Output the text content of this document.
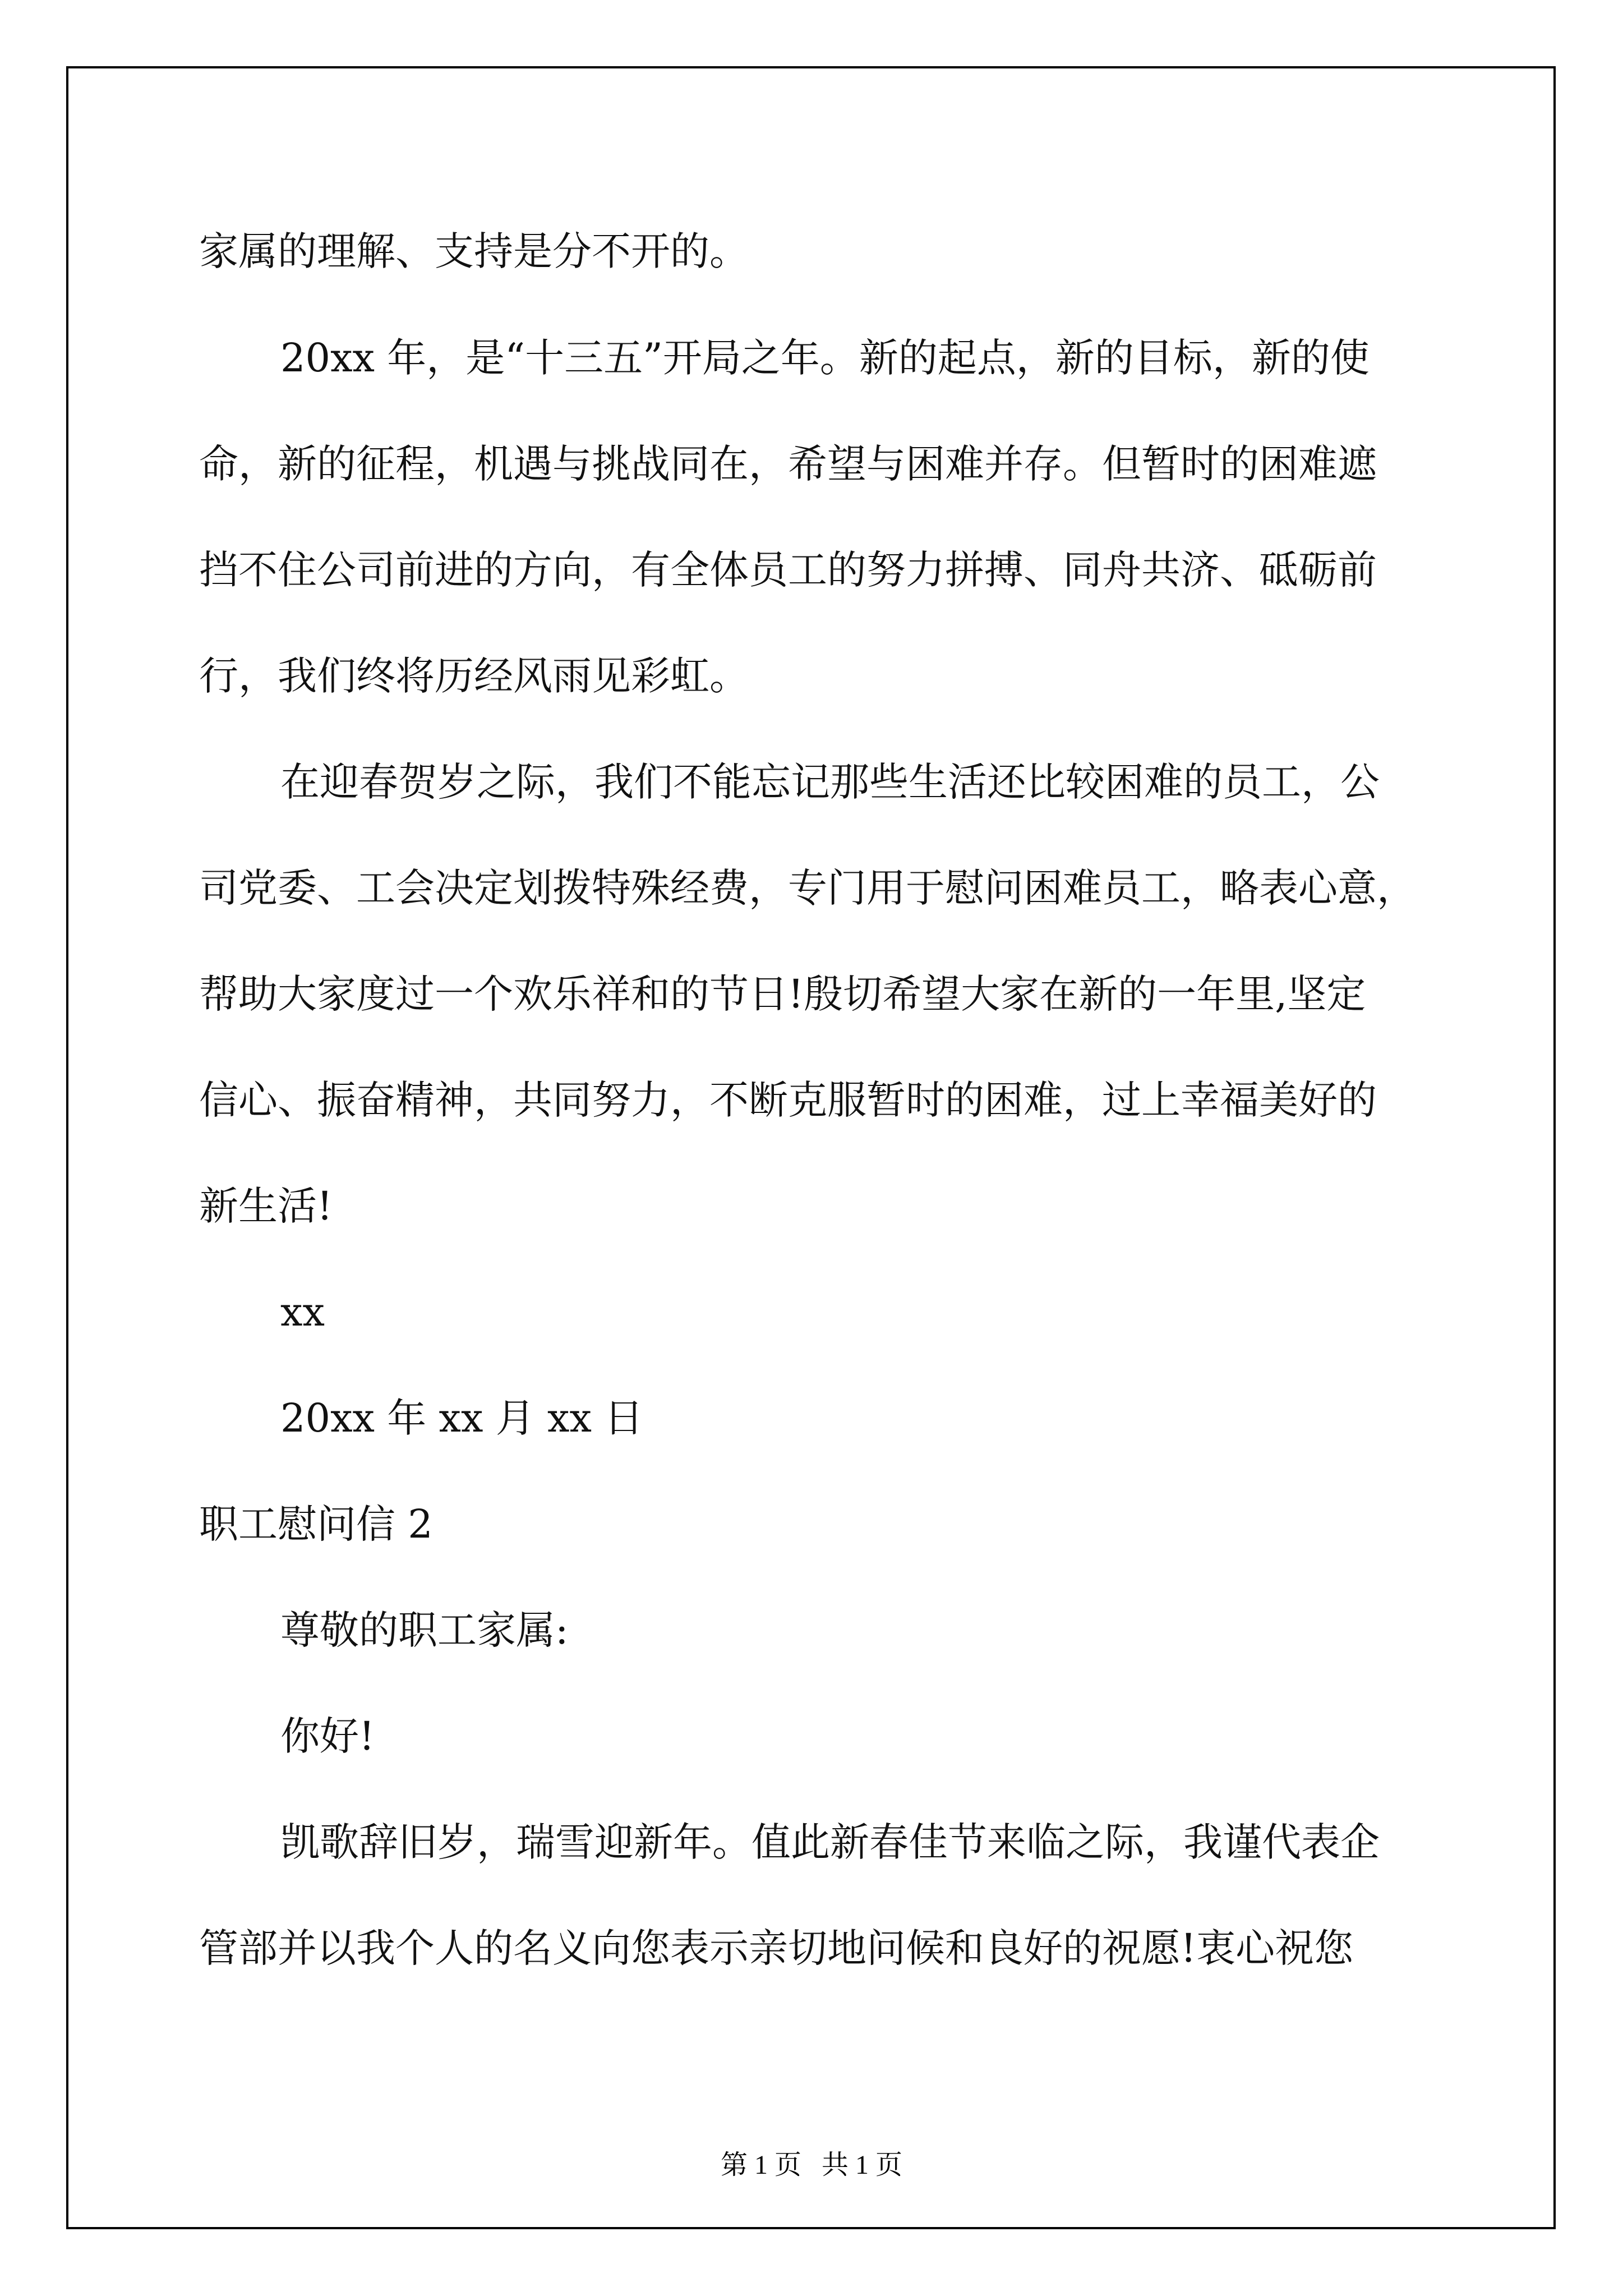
家属的理解、支持是分不开的。

20xx 年，是“十三五”开局之年。新的起点，新的目标，新的使

命，新的征程，机遇与挑战同在，希望与困难并存。但暂时的困难遮

挡不住公司前进的方向，有全体员工的努力拼搏、同舟共济、砥砺前

行，我们终将历经风雨见彩虹。

在迎春贺岁之际，我们不能忘记那些生活还比较困难的员工，公

司党委、工会决定划拨特殊经费，专门用于慰问困难员工，略表心意，

帮助大家度过一个欢乐祥和的节日!殷切希望大家在新的一年里,坚定

信心、振奋精神，共同努力，不断克服暂时的困难，过上幸福美好的

新生活!

xx

20xx 年 xx 月 xx 日

职工慰问信 2

尊敬的职工家属:

你好!

凯歌辞旧岁，瑞雪迎新年。值此新春佳节来临之际，我谨代表企

管部并以我个人的名义向您表示亲切地问候和良好的祝愿!衷心祝您

第 1 页   共 1 页
